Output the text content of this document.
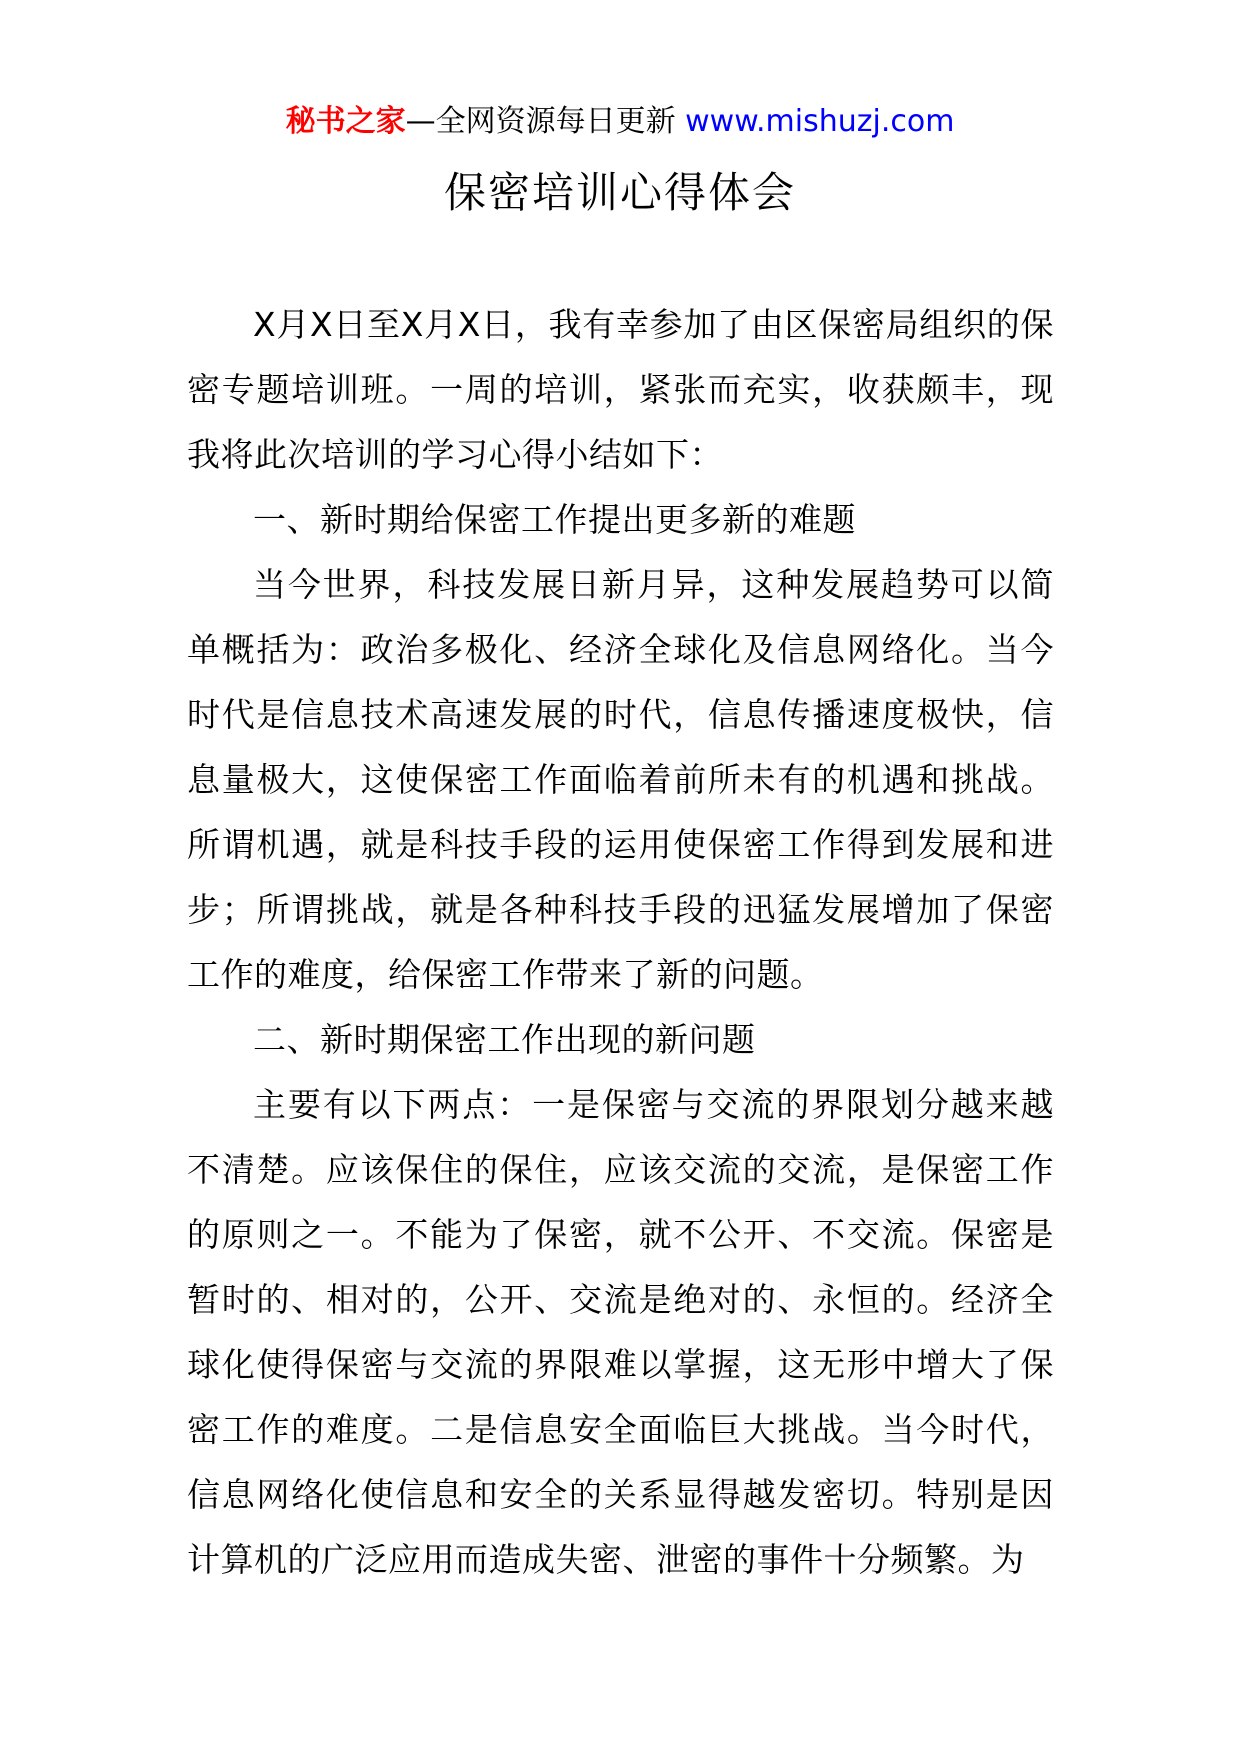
秘书之家—全网资源每日更新 www.mishuzj.com
保密培训心得体会

X月X日至X月X日，我有幸参加了由区保密局组织的保密专题培训班。一周的培训，紧张而充实，收获颇丰，现我将此次培训的学习心得小结如下：

一、新时期给保密工作提出更多新的难题

当今世界，科技发展日新月异，这种发展趋势可以简单概括为：政治多极化、经济全球化及信息网络化。当今时代是信息技术高速发展的时代，信息传播速度极快，信息量极大，这使保密工作面临着前所未有的机遇和挑战。所谓机遇，就是科技手段的运用使保密工作得到发展和进步；所谓挑战，就是各种科技手段的迅猛发展增加了保密工作的难度，给保密工作带来了新的问题。

二、新时期保密工作出现的新问题

主要有以下两点：一是保密与交流的界限划分越来越不清楚。应该保住的保住，应该交流的交流，是保密工作的原则之一。不能为了保密，就不公开、不交流。保密是暂时的、相对的，公开、交流是绝对的、永恒的。经济全球化使得保密与交流的界限难以掌握，这无形中增大了保密工作的难度。二是信息安全面临巨大挑战。当今时代，信息网络化使信息和安全的关系显得越发密切。特别是因计算机的广泛应用而造成失密、泄密的事件十分频繁。为
